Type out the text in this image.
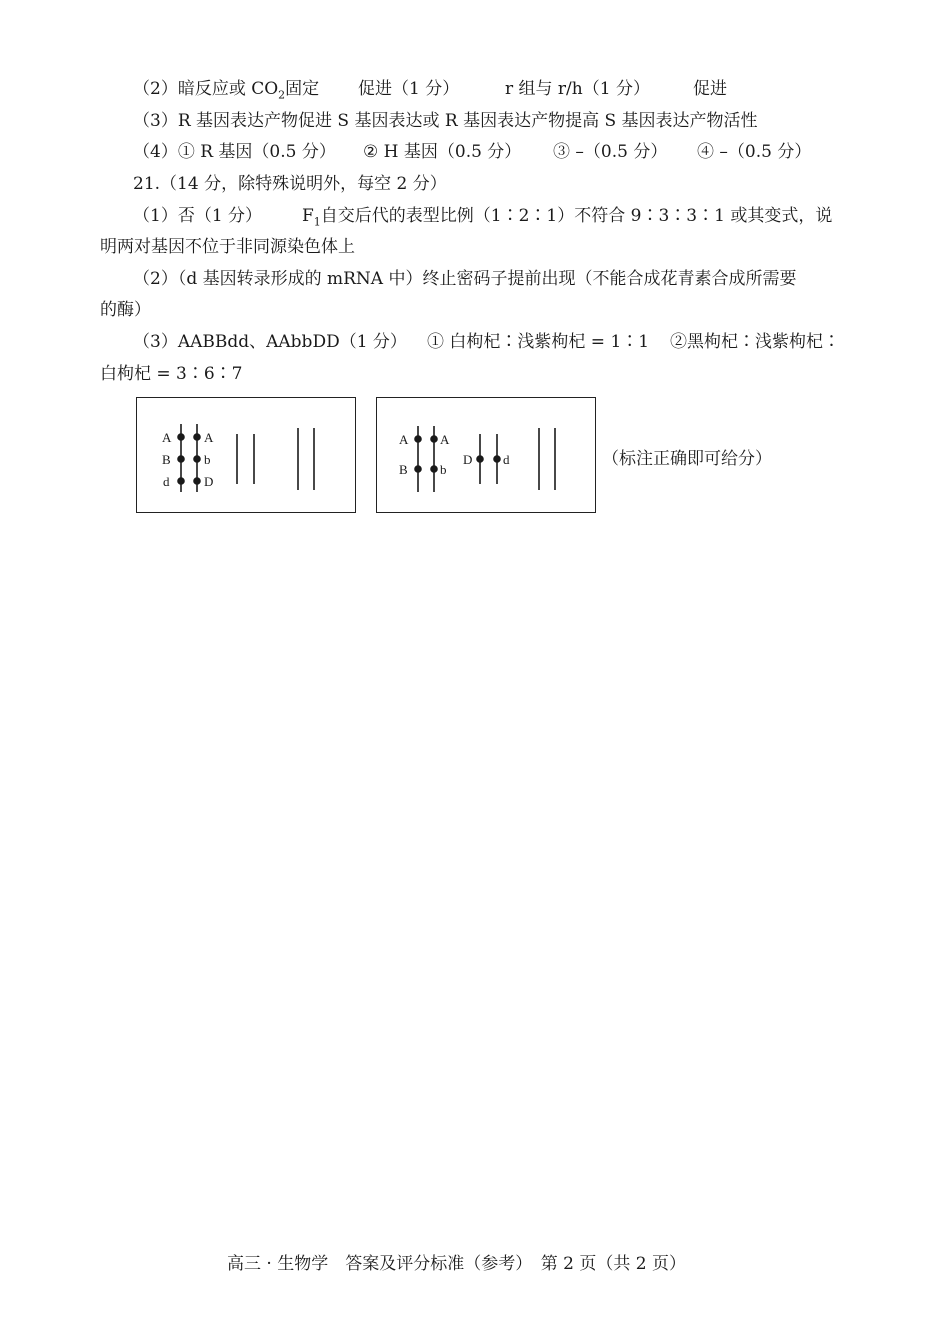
（2）暗反应或 $CO_2$固定 促进（1 分）	r 组与 r/h（1 分）	促进
（3）R 基因表达产物促进 S 基因表达或 R 基因表达产物提高 S 基因表达产物活性
（4）① R 基因（0.5 分） ② H 基因（0.5 分） ③ –（0.5 分） ④ –（0.5 分）
21.（14 分，除特殊说明外，每空 2 分）
（1）否（1 分） $F_1$自交后代的表型比例（1∶2∶1）不符合 9∶3∶3∶1 或其变式，说
明两对基因不位于非同源染色体上
（2）（d 基因转录形成的 mRNA 中）终止密码子提前出现（不能合成花青素合成所需要
的酶）
（3）AABBdd、AAbbDD（1 分） ① 白枸杞∶浅紫枸杞 = 1∶1 ②黑枸杞∶浅紫枸杞∶
白枸杞 = 3∶6∶7
A
B
d
A
b
D
A
B
A
b
D d	（标注正确即可给分）
高三 · 生物学　答案及评分标准（参考）　第 2 页（共 2 页）
